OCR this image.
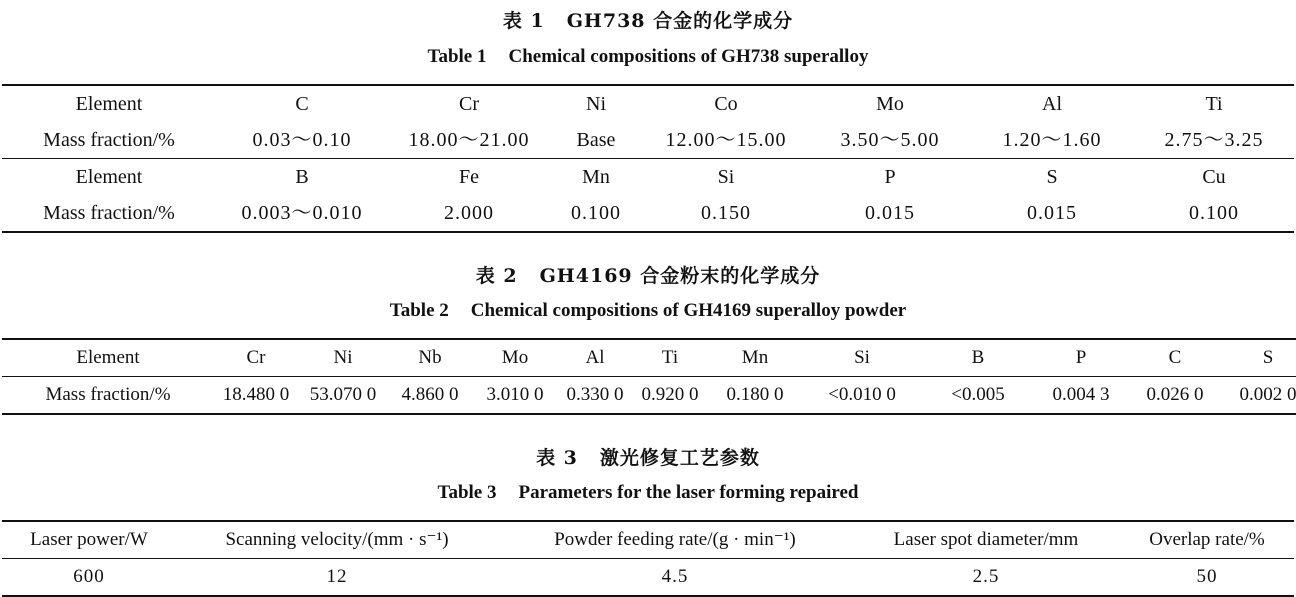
表 1 GH738 合金的化学成分
Table 1 Chemical compositions of GH738 superalloy
Element	C	Cr	Ni	Co	Mo	Al	Ti
Mass fraction/%	0.03～0.10	18.00～21.00	Base	12.00～15.00	3.50～5.00	1.20～1.60	2.75～3.25
Element	B	Fe	Mn	Si	P	S	Cu
Mass fraction/%	0.003～0.010	2.000	0.100	0.150	0.015	0.015	0.100
表 2 GH4169 合金粉末的化学成分
Table 2 Chemical compositions of GH4169 superalloy powder
Element	Cr	Ni	Nb	Mo	Al	Ti	Mn	Si	B	P	C	S
Mass fraction/%	18.480 0	53.070 0	4.860 0	3.010 0	0.330 0	0.920 0	0.180 0	<0.010 0	<0.005	0.004 3	0.026 0	0.002 0
表 3 激光修复工艺参数
Table 3 Parameters for the laser forming repaired
Laser power/W	Scanning velocity/(mm · s⁻¹)	Powder feeding rate/(g · min⁻¹)	Laser spot diameter/mm	Overlap rate/%
600	12	4.5	2.5	50
